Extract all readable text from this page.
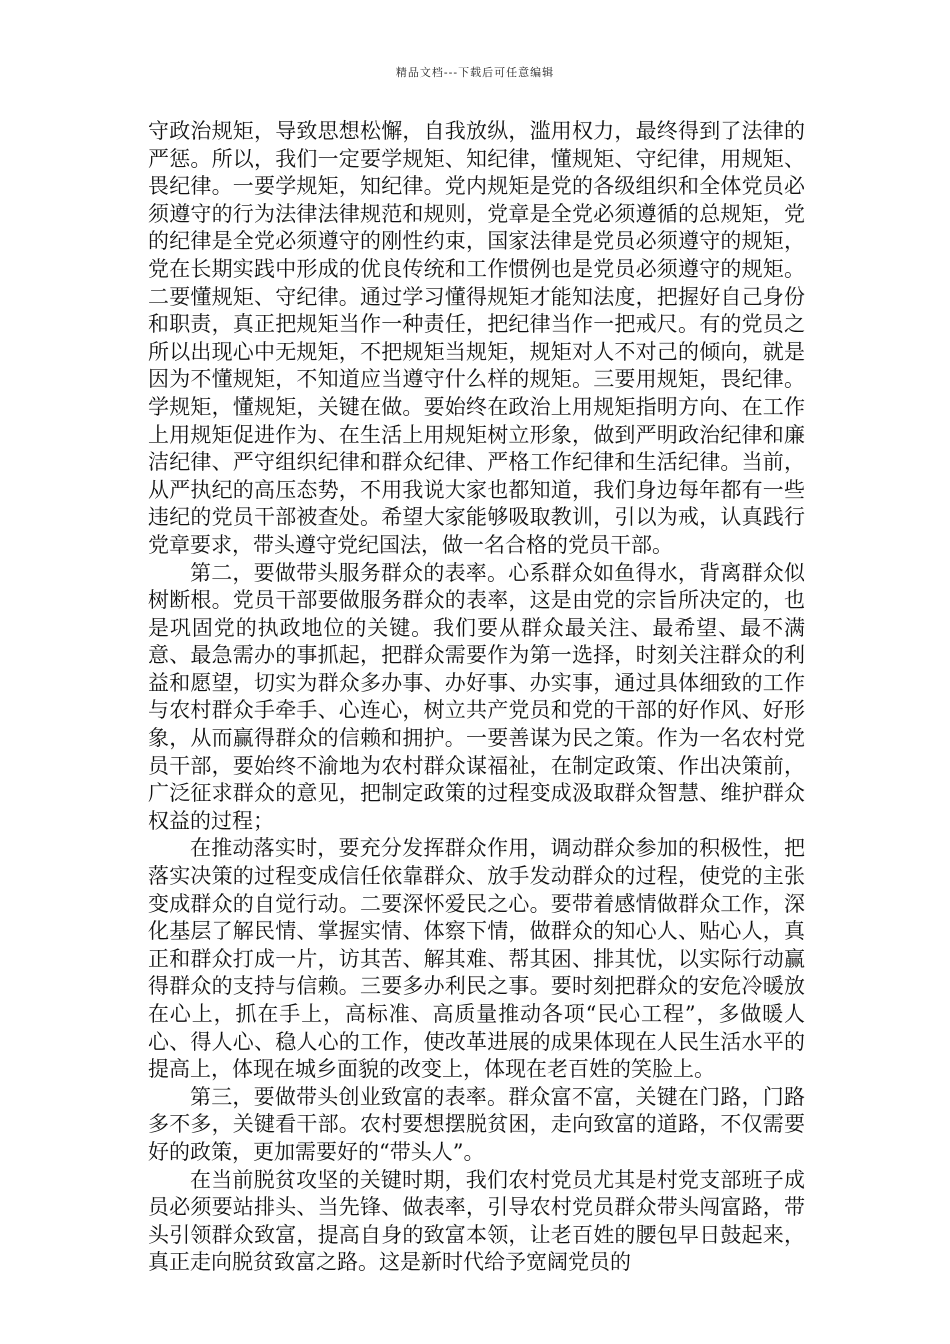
精品文档---下载后可任意编辑

守政治规矩，导致思想松懈，自我放纵，滥用权力，最终得到了法律的严惩。所以，我们一定要学规矩、知纪律，懂规矩、守纪律，用规矩、畏纪律。一要学规矩，知纪律。党内规矩是党的各级组织和全体党员必须遵守的行为法律法律规范和规则，党章是全党必须遵循的总规矩，党的纪律是全党必须遵守的刚性约束，国家法律是党员必须遵守的规矩，党在长期实践中形成的优良传统和工作惯例也是党员必须遵守的规矩。二要懂规矩、守纪律。通过学习懂得规矩才能知法度，把握好自己身份和职责，真正把规矩当作一种责任，把纪律当作一把戒尺。有的党员之所以出现心中无规矩，不把规矩当规矩，规矩对人不对己的倾向，就是因为不懂规矩，不知道应当遵守什么样的规矩。三要用规矩，畏纪律。学规矩，懂规矩，关键在做。要始终在政治上用规矩指明方向、在工作上用规矩促进作为、在生活上用规矩树立形象，做到严明政治纪律和廉洁纪律、严守组织纪律和群众纪律、严格工作纪律和生活纪律。当前，从严执纪的高压态势，不用我说大家也都知道，我们身边每年都有一些违纪的党员干部被查处。希望大家能够吸取教训，引以为戒，认真践行党章要求，带头遵守党纪国法，做一名合格的党员干部。

第二，要做带头服务群众的表率。心系群众如鱼得水，背离群众似树断根。党员干部要做服务群众的表率，这是由党的宗旨所决定的，也是巩固党的执政地位的关键。我们要从群众最关注、最希望、最不满意、最急需办的事抓起，把群众需要作为第一选择，时刻关注群众的利益和愿望，切实为群众多办事、办好事、办实事，通过具体细致的工作与农村群众手牵手、心连心，树立共产党员和党的干部的好作风、好形象，从而赢得群众的信赖和拥护。一要善谋为民之策。作为一名农村党员干部，要始终不渝地为农村群众谋福祉，在制定政策、作出决策前，广泛征求群众的意见，把制定政策的过程变成汲取群众智慧、维护群众权益的过程；

在推动落实时，要充分发挥群众作用，调动群众参加的积极性，把落实决策的过程变成信任依靠群众、放手发动群众的过程，使党的主张变成群众的自觉行动。二要深怀爱民之心。要带着感情做群众工作，深化基层了解民情、掌握实情、体察下情，做群众的知心人、贴心人，真正和群众打成一片，访其苦、解其难、帮其困、排其忧，以实际行动赢得群众的支持与信赖。三要多办利民之事。要时刻把群众的安危冷暖放在心上，抓在手上，高标准、高质量推动各项“民心工程”，多做暖人心、得人心、稳人心的工作，使改革进展的成果体现在人民生活水平的提高上，体现在城乡面貌的改变上，体现在老百姓的笑脸上。

第三，要做带头创业致富的表率。群众富不富，关键在门路，门路多不多，关键看干部。农村要想摆脱贫困，走向致富的道路，不仅需要好的政策，更加需要好的“带头人”。

在当前脱贫攻坚的关键时期，我们农村党员尤其是村党支部班子成员必须要站排头、当先锋、做表率，引导农村党员群众带头闯富路，带头引领群众致富，提高自身的致富本领，让老百姓的腰包早日鼓起来，真正走向脱贫致富之路。这是新时代给予宽阔党员的
